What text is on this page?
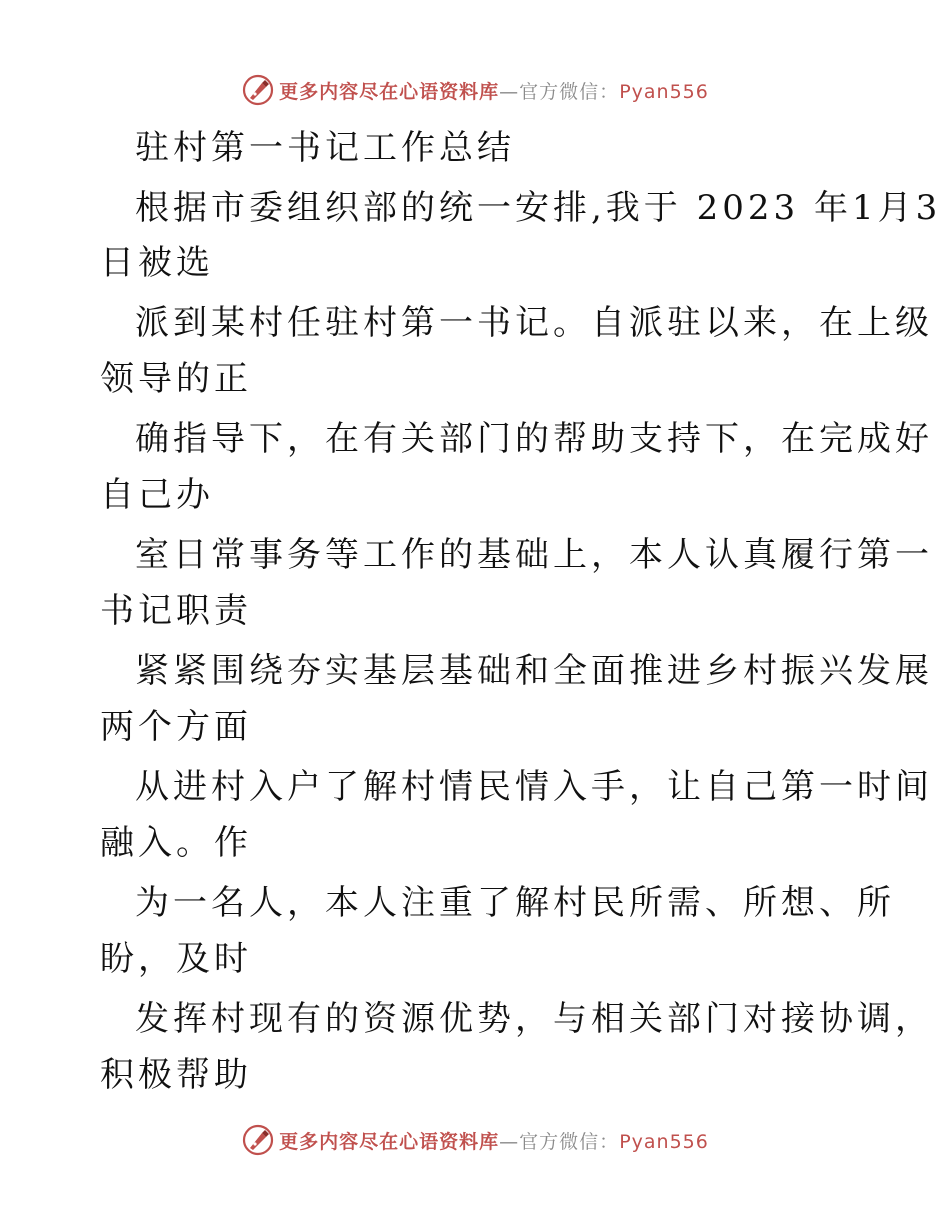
更多内容尽在心语资料库—官方微信：Pyan556
驻村第一书记工作总结
根据市委组织部的统一安排,我于 2023 年1月3
日被选
派到某村任驻村第一书记。自派驻以来，在上级
领导的正
确指导下，在有关部门的帮助支持下，在完成好
自己办
室日常事务等工作的基础上，本人认真履行第一
书记职责
紧紧围绕夯实基层基础和全面推进乡村振兴发展
两个方面
从进村入户了解村情民情入手，让自己第一时间
融入。作
为一名人，本人注重了解村民所需、所想、所
盼，及时
发挥村现有的资源优势，与相关部门对接协调，
积极帮助
更多内容尽在心语资料库—官方微信：Pyan556
